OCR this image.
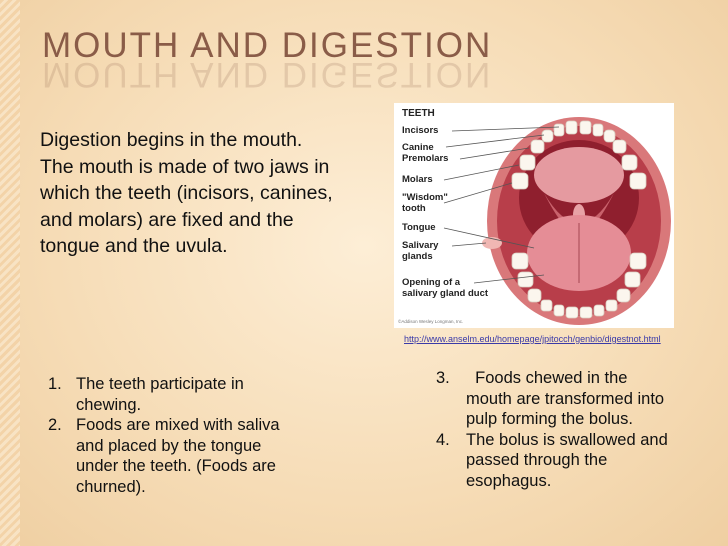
MOUTH AND DIGESTION
MOUTH AND DIGESTION

Digestion begins in the mouth. The mouth is made of two jaws in which the teeth (incisors, canines, and molars) are fixed and the tongue and the uvula.

TEETH
Incisors
Canine
Premolars
Molars
"Wisdom"
tooth
Tongue
Salivary
glands
Opening of a
salivary gland duct
©Addison Wesley Longman, Inc.
http://www.anselm.edu/homepage/jpitocch/genbio/digestnot.html
1. The teeth participate in chewing.
2. Foods are mixed with saliva and placed by the tongue under the teeth. (Foods are churned).
3. Foods chewed in the mouth are transformed into pulp forming the bolus.
4. The bolus is swallowed and passed through the esophagus.
